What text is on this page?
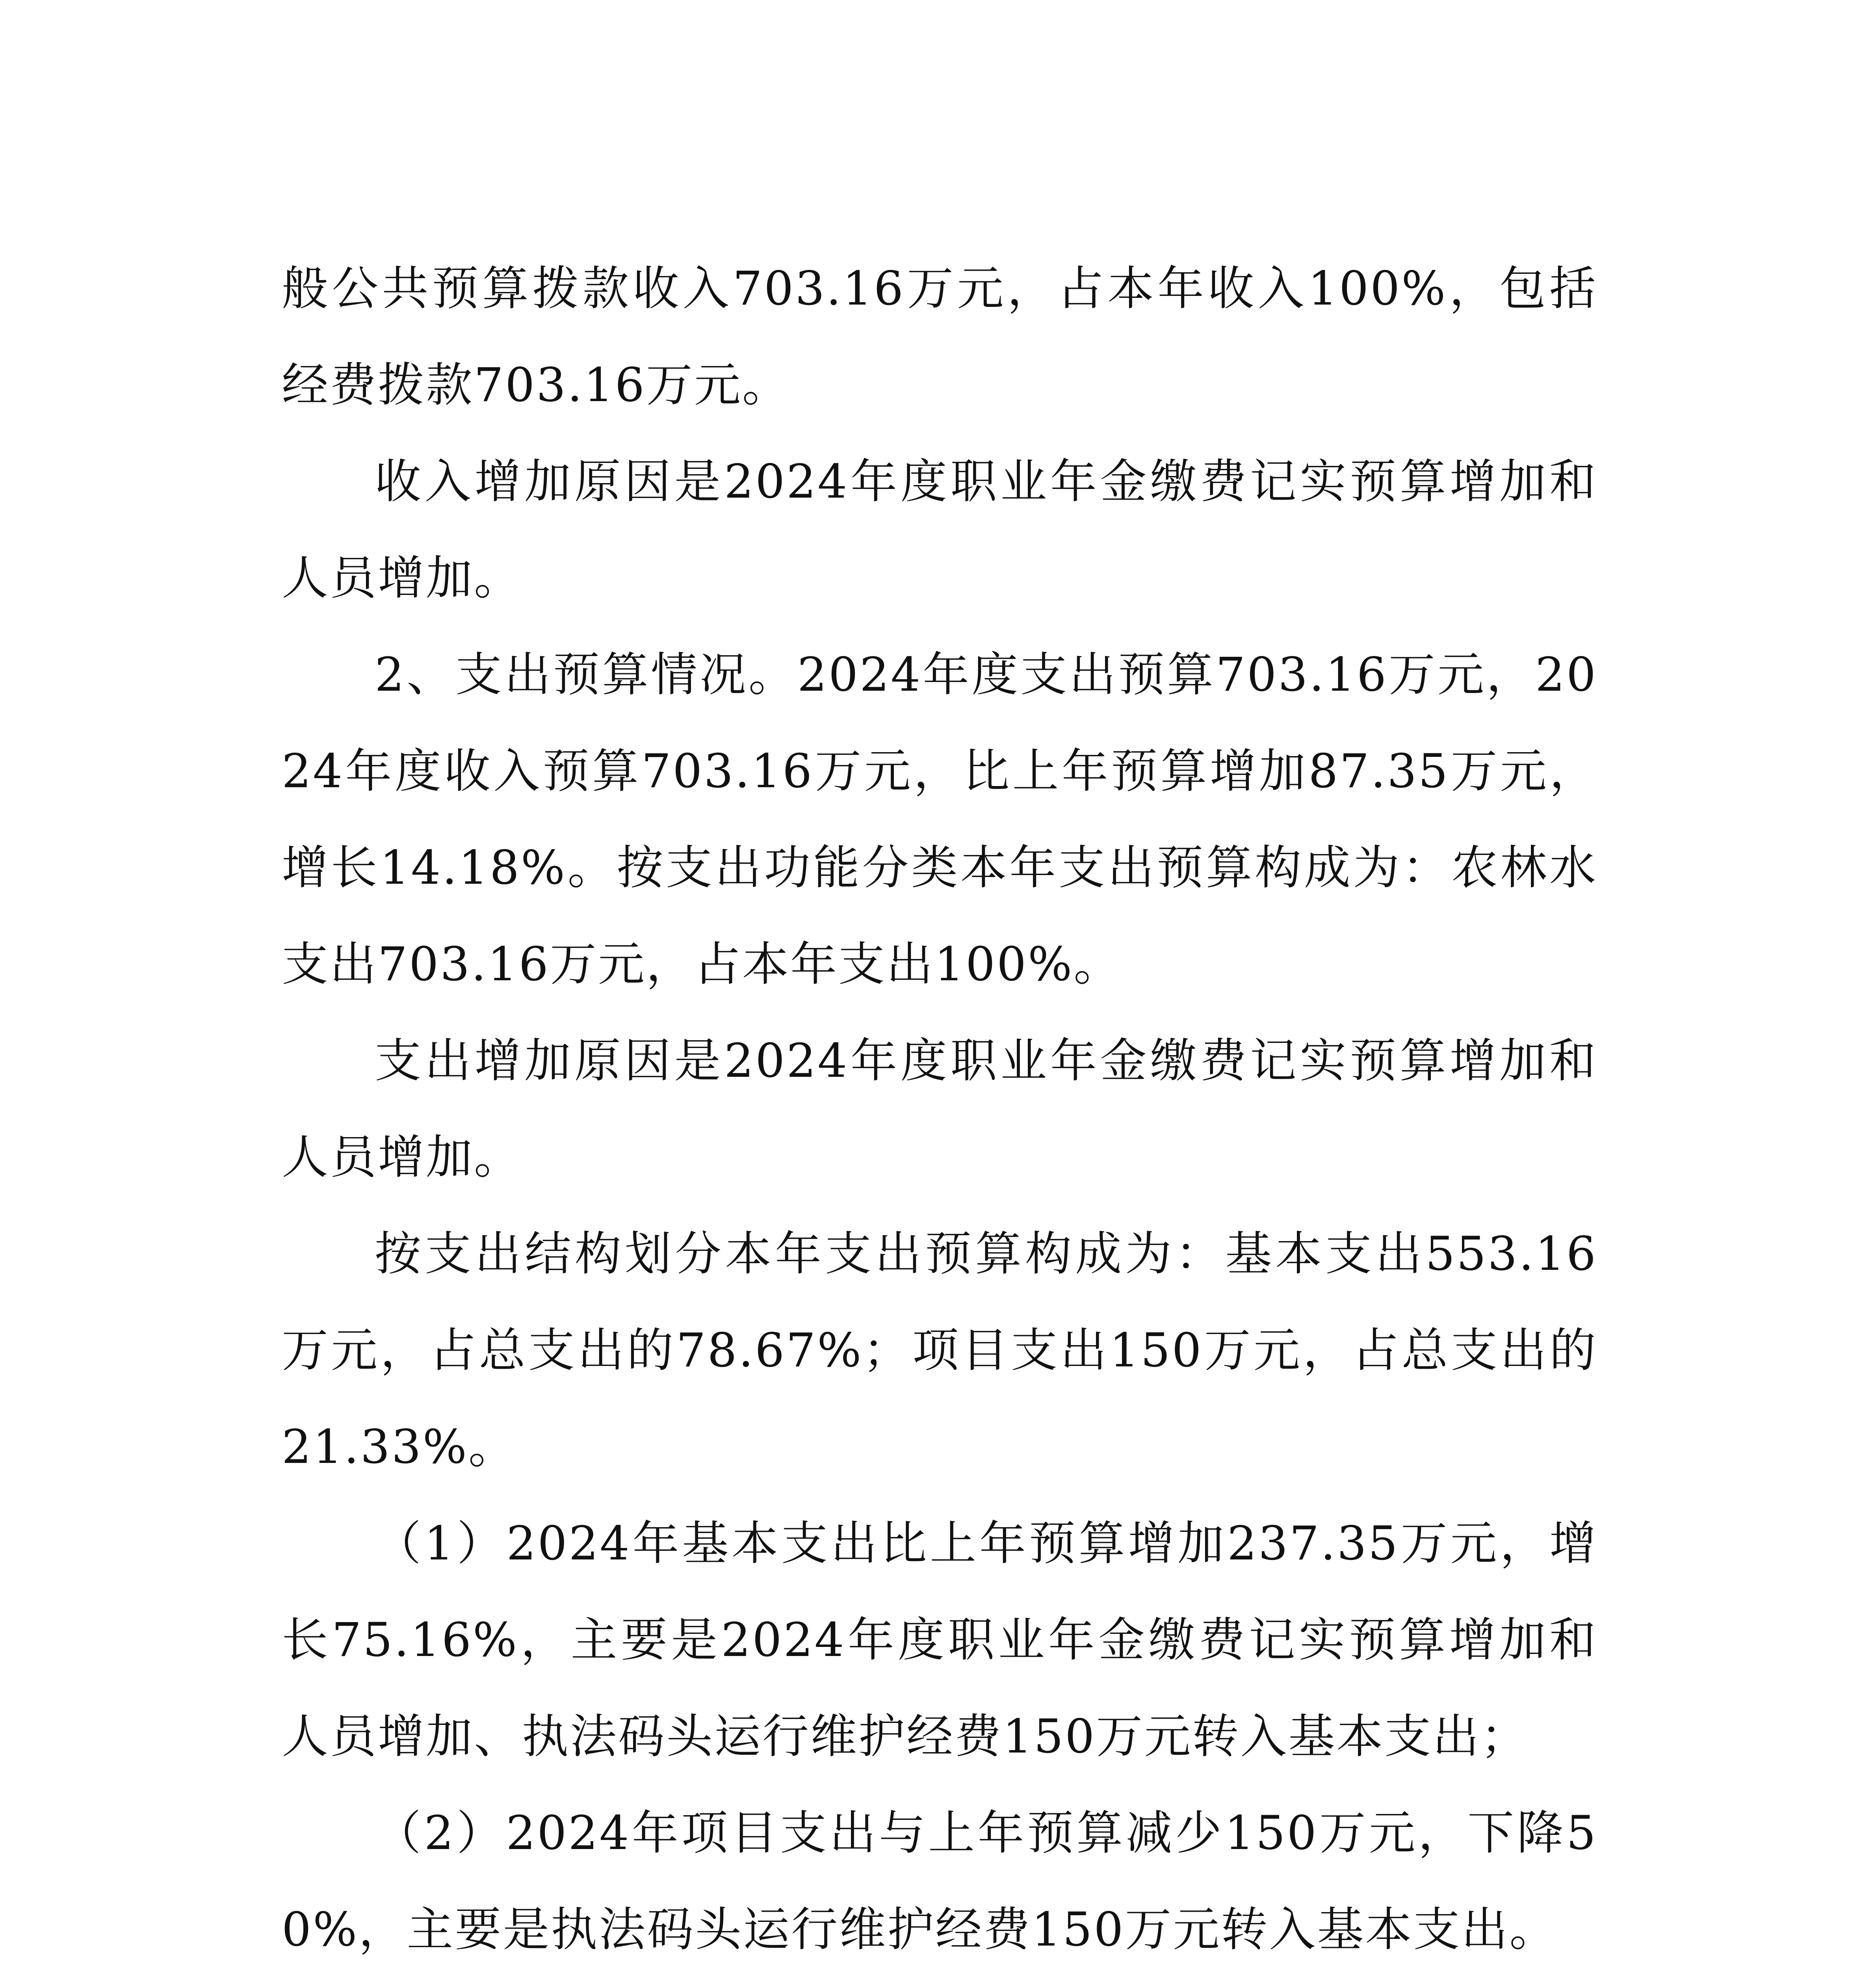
般公共预算拨款收入703.16万元，占本年收入100%，包括经费拨款703.16万元。

收入增加原因是2024年度职业年金缴费记实预算增加和人员增加。

2、支出预算情况。2024年度支出预算703.16万元，2024年度收入预算703.16万元，比上年预算增加87.35万元，增长14.18%。按支出功能分类本年支出预算构成为：农林水支出703.16万元，占本年支出100%。

支出增加原因是2024年度职业年金缴费记实预算增加和人员增加。

按支出结构划分本年支出预算构成为：基本支出553.16万元，占总支出的78.67%；项目支出150万元，占总支出的21.33%。

（1）2024年基本支出比上年预算增加237.35万元，增长75.16%，主要是2024年度职业年金缴费记实预算增加和人员增加、执法码头运行维护经费150万元转入基本支出；

（2）2024年项目支出与上年预算减少150万元，下降50%，主要是执法码头运行维护经费150万元转入基本支出。
